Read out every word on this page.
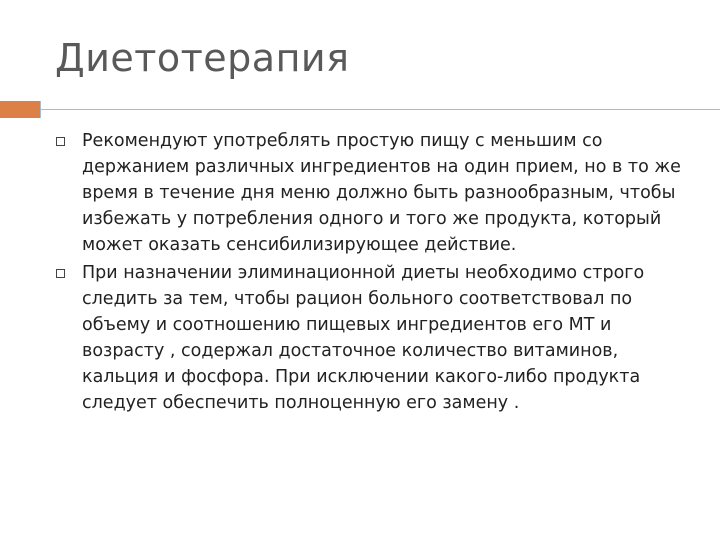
Диетотерапия
Рекомендуют употреблять простую пищу с меньшим со держанием различных ингредиентов на один прием, но в то же время в течение дня меню должно быть разнообразным, чтобы избежать у потребления одного и того же продукта, который может оказать сенсибилизирующее действие.
При назначении элиминационной диеты необходимо строго следить за тем, чтобы рацион больного соответствовал по объему и соотношению пищевых ингредиентов его МТ и возрасту , содержал достаточное количество витаминов, кальция и фосфора. При исключении какого-либо продукта следует обеспечить полноценную его замену .
